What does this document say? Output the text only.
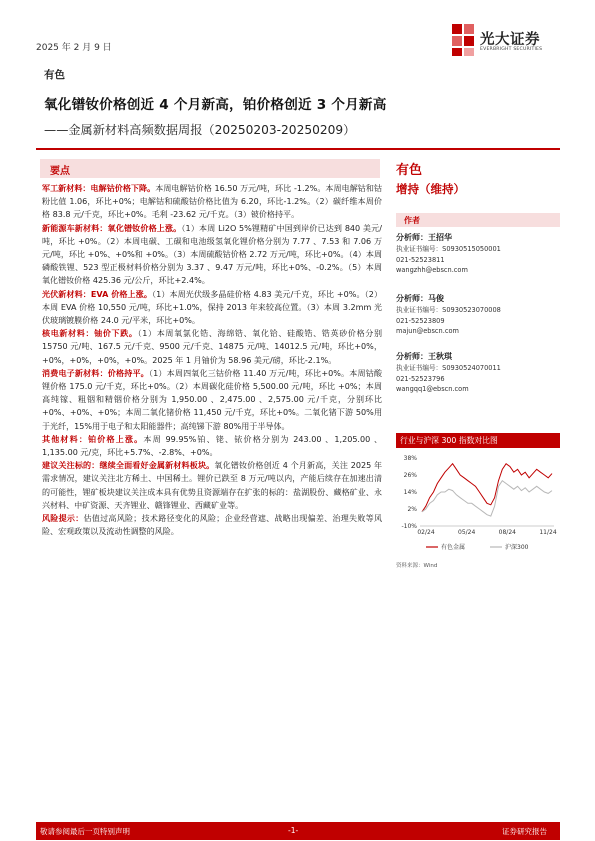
2025 年 2 月 9 日	光大证券
EVERBRIGHT SECURITIES
有色
氧化镨钕价格创近 4 个月新高，铂价格创近 3 个月新高
——金属新材料高频数据周报（20250203-20250209）
要点

军工新材料：电解钴价格下降。本周电解钴价格 16.50 万元/吨，环比 -1.2%。本周电解钴和钴粉比值 1.06，环比+0%；电解钴和硫酸钴价格比值为 6.20，环比-1.2%。（2）碳纤维本周价格 83.8 元/千克，环比+0%。毛利 -23.62 元/千克。（3）铍价格持平。

新能源车新材料：氧化镨钕价格上涨。（1）本周 Li2O 5%锂精矿中国到岸价已达到 840 美元/吨，环比 +0%。（2）本周电碳、工碳和电池级氢氧化锂价格分别为 7.77 、7.53 和 7.06 万元/吨，环比 +0%、+0%和 +0%。（3）本周硫酸钴价格 2.72 万元/吨，环比+0%。（4）本周磷酸铁锂、523 型正极材料价格分别为 3.37 、9.47 万元/吨，环比+0%、-0.2%。（5）本周氧化镨钕价格 425.36 元/公斤，环比+2.4%。

光伏新材料：EVA 价格上涨。（1）本周光伏级多晶硅价格 4.83 美元/千克，环比 +0%。（2）本周 EVA 价格 10,550 元/吨，环比+1.0%，保持 2013 年来较高位置。（3）本周 3.2mm 光伏玻璃镀膜价格 24.0 元/平米，环比+0%。

核电新材料：铀价下跌。（1）本周氧氯化锆、海绵锆、氧化铪、硅酸锆、锆英砂价格分别 15750 元/吨、167.5 元/千克、9500 元/千克、14875 元/吨、14012.5 元/吨，环比+0%，+0%，+0%，+0%，+0%。2025 年 1 月铀价为 58.96 美元/磅，环比-2.1%。

消费电子新材料：价格持平。（1）本周四氧化三钴价格 11.40 万元/吨，环比+0%。本周钴酸锂价格 175.0 元/千克，环比+0%。（2）本周碳化硅价格 5,500.00 元/吨，环比 +0%；本周高纯镓、粗铟和精铟价格分别为 1,950.00 、2,475.00 、2,575.00 元/千克，分别环比+0%、+0%、+0%；本周二氧化锗价格 11,450 元/千克，环比+0%。二氧化锗下游 50%用于光纤，15%用于电子和太阳能器件；高纯锑下游 80%用于半导体。

其他材料：铂价格上涨。本周 99.95%铂、铑、铱价格分别为 243.00 、1,205.00 、1,135.00 元/克，环比+5.7%、-2.8%、+0%。

建议关注标的：继续全面看好金属新材料板块。氧化镨钕价格创近 4 个月新高，关注 2025 年需求情况，建议关注北方稀土、中国稀土。锂价已跌至 8 万元/吨以内，产能后续存在加速出清的可能性，锂矿板块建议关注成本具有优势且资源端存在扩张的标的：盐湖股份、藏格矿业、永兴材料、中矿资源、天齐锂业、赣锋锂业、西藏矿业等。

风险提示：估值过高风险；技术路径变化的风险；企业经营遮、战略出现偏差、治理失败等风险、宏观政策以及流动性调整的风险。

有色
增持（维持）
作者
分析师：王招华
执业证书编号：S0930515050001
021-52523811
wangzhh@ebscn.com
分析师：马俊
执业证书编号：S0930523070008
021-52523809
majun@ebscn.com
分析师：王秋琪
执业证书编号：S0930524070011
021-52523796
wangqq1@ebscn.com
行业与沪深 300 指数对比图
38%
26%
14%
2%
-10%
02/24	05/24	08/24	11/24
有色金属	沪深300
资料来源：Wind
敬请参阅最后一页特别声明	-1-	证券研究报告
